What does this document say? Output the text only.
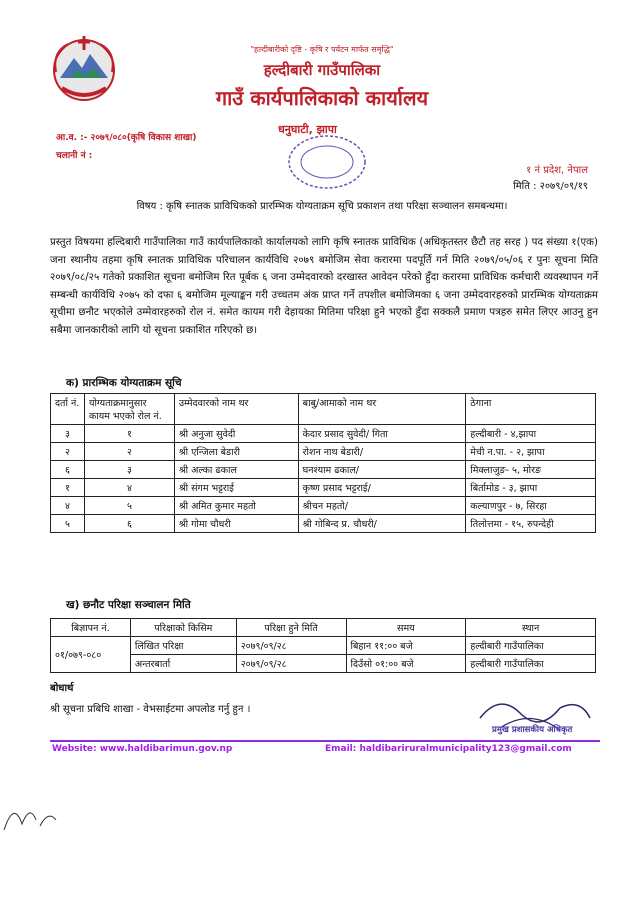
"हल्दीबारीको दृष्टि - कृषि र पर्यटन मार्फत समृद्धि"
हल्दीबारी गाउँपालिका
गाउँ कार्यपालिकाको कार्यालय
आ.व. :- २०७९/०८०(कृषि विकास शाखा)
चलानी नं :
धनुघाटी, झापा
१ नं प्रदेश, नेपाल
मिति : २०७९/०९/१९
विषय : कृषि स्नातक प्राविधिकको प्रारम्भिक योग्यताक्रम सूचि प्रकाशन तथा परिक्षा सञ्चालन समबन्धमा।
प्रस्तुत विषयमा हल्दिबारी गाउँपालिका गाउँ कार्यपालिकाको कार्यालयको लागि कृषि स्नातक प्राविधिक (अधिकृतस्तर छैटौ तह सरह ) पद संख्या १(एक) जना स्थानीय तहमा कृषि स्नातक प्राविधिक परिचालन कार्यविधि २०७९ बमोजिम सेवा करारमा पदपूर्ति गर्न मिति २०७९/०५/०६ र पुनः सूचना मिति २०७९/०८/२५ गतेको प्रकाशित सूचना बमोजिम रित पूर्बक ६ जना उम्मेदवारको दरखास्त आवेदन परेको हुँदा करारमा प्राविधिक कर्मचारी व्यवस्थापन गर्ने सम्बन्धी कार्यविधि २०७५ को दफा ६ बमोजिम मूल्याङ्कन गरी उच्चतम अंक प्राप्त गर्ने तपशील बमोजिमका ६ जना उम्मेदवारहरुको प्रारम्भिक योग्यताक्रम सूचीमा छनौट भएकोले उम्मेवारहरुको रोल नं. समेत कायम गरी देहायका मितिमा परिक्षा हुने भएको हुँदा सक्कलै प्रमाण पत्रहरु समेत लिएर आउनु हुन सबैमा जानकारीको लागि यो सूचना प्रकाशित गरिएको छ।
क) प्रारम्भिक योग्यताक्रम सूचि
दर्ता नं.	योग्यताक्रमानुसार कायम भएको रोल नं.	उम्मेदवारको नाम थर	बाबु/आमाको नाम थर	ठेगाना
३	१	श्री अनुजा सुवेदी	केदार प्रसाद सुवेदी/ गिता	हल्दीबारी - ४,झापा
२	२	श्री एन्जिला बेडारी	रोशन नाथ बेडारी/	मेची न.पा. - २, झापा
६	३	श्री अल्का ढकाल	घनश्याम ढकाल/	मिक्लाजुङ- ५, मोरङ
१	४	श्री संगम भट्टराई	कृष्ण प्रसाद भट्टराई/	बिर्तामोड - ३, झापा
४	५	श्री अमित कुमार महतो	श्रीचन महतो/	कल्याणपुर - ७, सिरहा
५	६	श्री गोमा चौधरी	श्री गोबिन्द प्र. चौधरी/	तिलोत्तमा - १५, रुपन्देही
ख) छनौट परिक्षा सञ्चालन मिति
बिज्ञापन नं.	परिक्षाको किसिम	परिक्षा हुने मिति	समय	स्थान
०१/०७९-०८०	लिखित परिक्षा	२०७९/०९/२८	बिहान ११:०० बजे	हल्दीबारी गाउँपालिका
	अन्तरबार्ता	२०७९/०९/२८	दिउँसो ०१:०० बजे	हल्दीबारी गाउँपालिका
बोधार्थ
श्री सूचना प्रबिधि शाखा - वेभसाईटमा अपलोड गर्नु हुन ।
प्रमुख प्रशासकीय अधिकृत
Website: www.haldibarimun.gov.np	Email: haldibariruralmunicipality123@gmail.com
